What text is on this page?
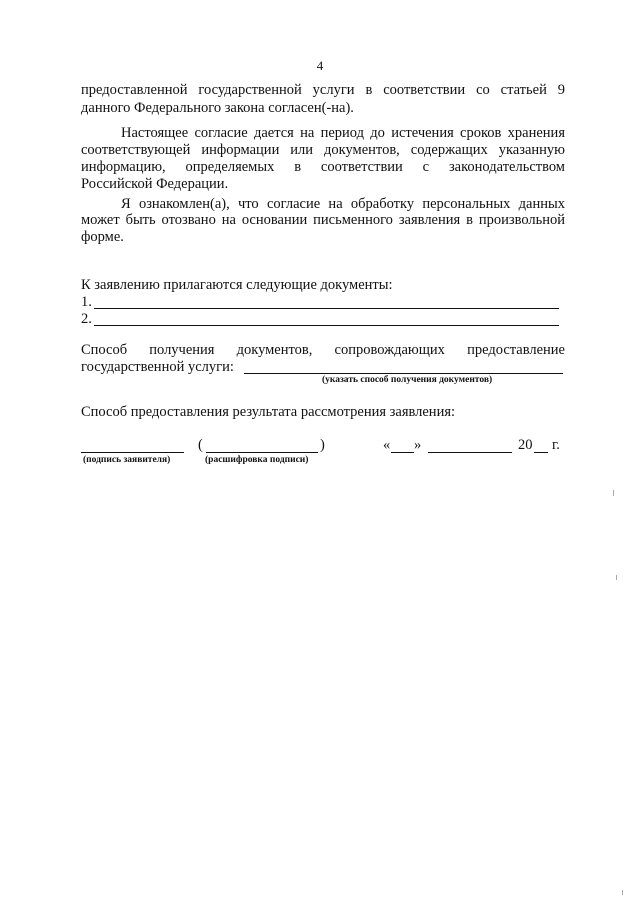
4
предоставленной государственной услуги в соответствии со статьей 9
данного Федерального закона согласен(-на).
Настоящее согласие дается на период до истечения сроков хранения
соответствующей информации или документов, содержащих указанную
информацию, определяемых в соответствии с законодательством
Российской Федерации.
Я ознакомлен(а), что согласие на обработку персональных данных
может быть отозвано на основании письменного заявления в произвольной
форме.
К заявлению прилагаются следующие документы:
1.
2.
Способ получения документов, сопровождающих предоставление
государственной услуги:
(указать способ получения документов)
Способ предоставления результата рассмотрения заявления:
(подпись заявителя)
(	)
(расшифровка подписи)
« »	20 г.
